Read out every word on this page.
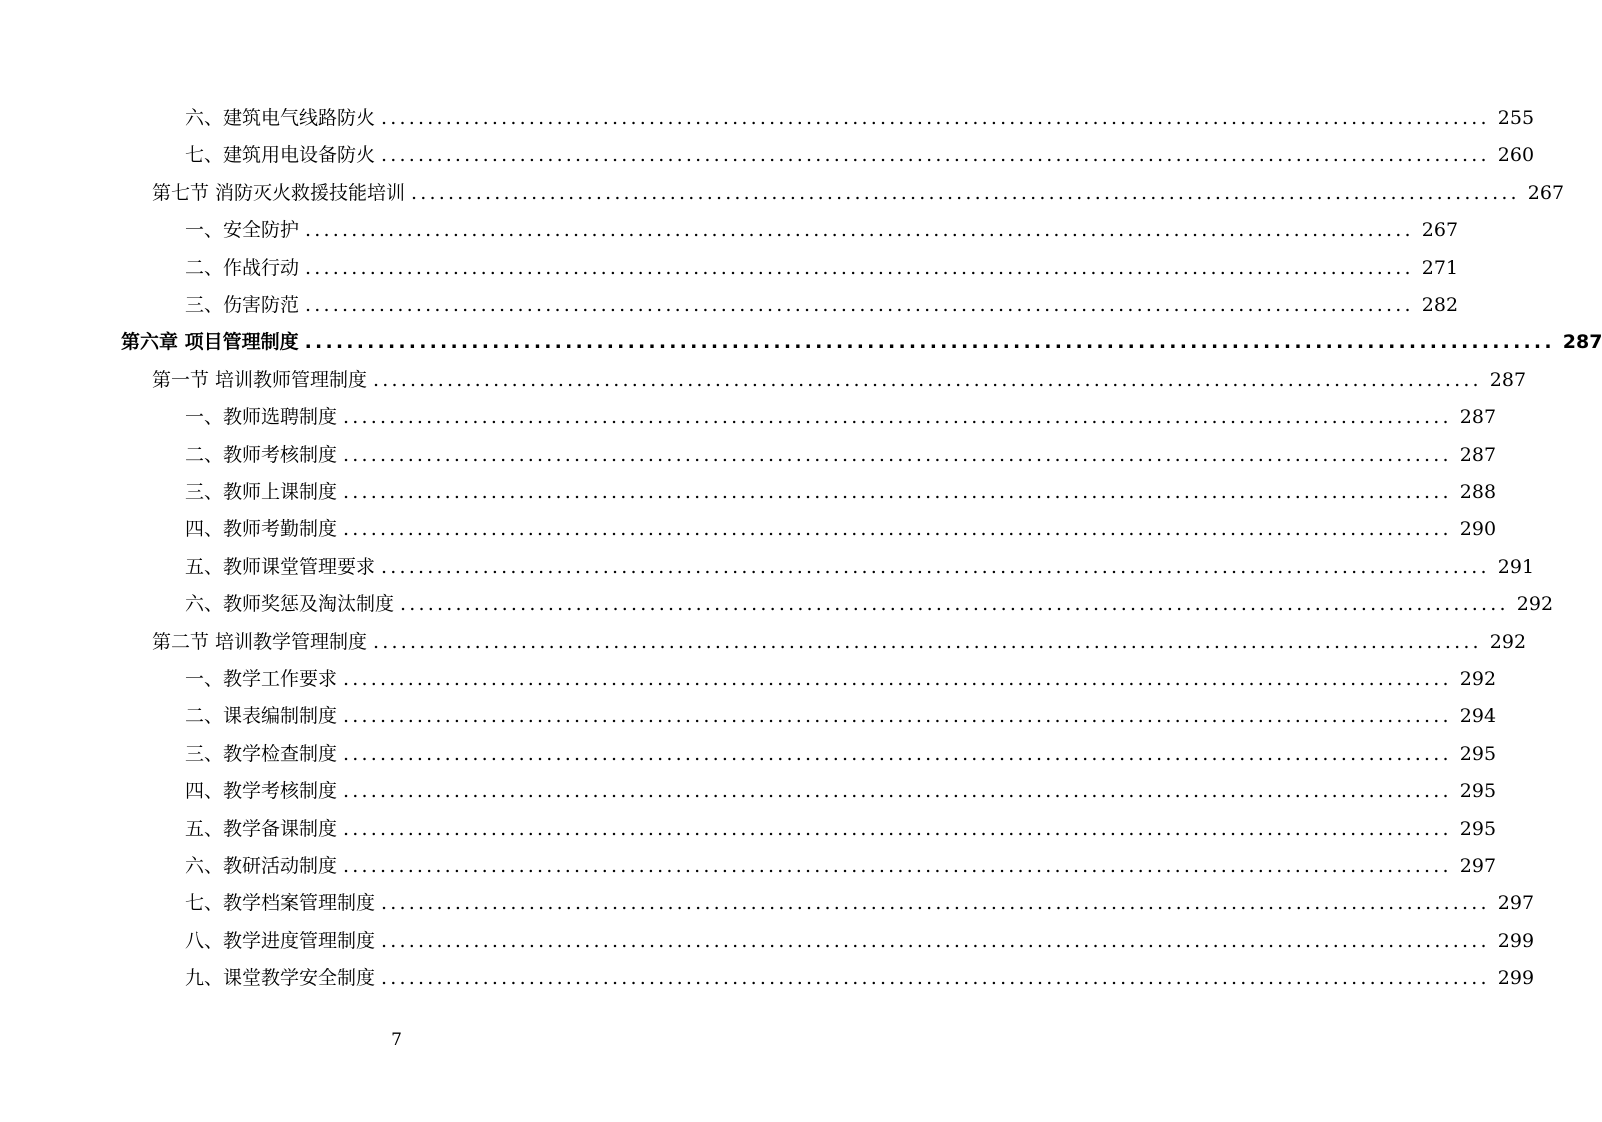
六、建筑电气线路防火 ........................................................................................................................ 255
七、建筑用电设备防火 ........................................................................................................................ 260
第七节 消防灭火救援技能培训 ........................................................................................................................ 267
一、安全防护 ........................................................................................................................ 267
二、作战行动 ........................................................................................................................ 271
三、伤害防范 ........................................................................................................................ 282
第六章 项目管理制度 ........................................................................................................................ 287
第一节 培训教师管理制度 ........................................................................................................................ 287
一、教师选聘制度 ........................................................................................................................ 287
二、教师考核制度 ........................................................................................................................ 287
三、教师上课制度 ........................................................................................................................ 288
四、教师考勤制度 ........................................................................................................................ 290
五、教师课堂管理要求 ........................................................................................................................ 291
六、教师奖惩及淘汰制度 ........................................................................................................................ 292
第二节 培训教学管理制度 ........................................................................................................................ 292
一、教学工作要求 ........................................................................................................................ 292
二、课表编制制度 ........................................................................................................................ 294
三、教学检查制度 ........................................................................................................................ 295
四、教学考核制度 ........................................................................................................................ 295
五、教学备课制度 ........................................................................................................................ 295
六、教研活动制度 ........................................................................................................................ 297
七、教学档案管理制度 ........................................................................................................................ 297
八、教学进度管理制度 ........................................................................................................................ 299
九、课堂教学安全制度 ........................................................................................................................ 299
7
